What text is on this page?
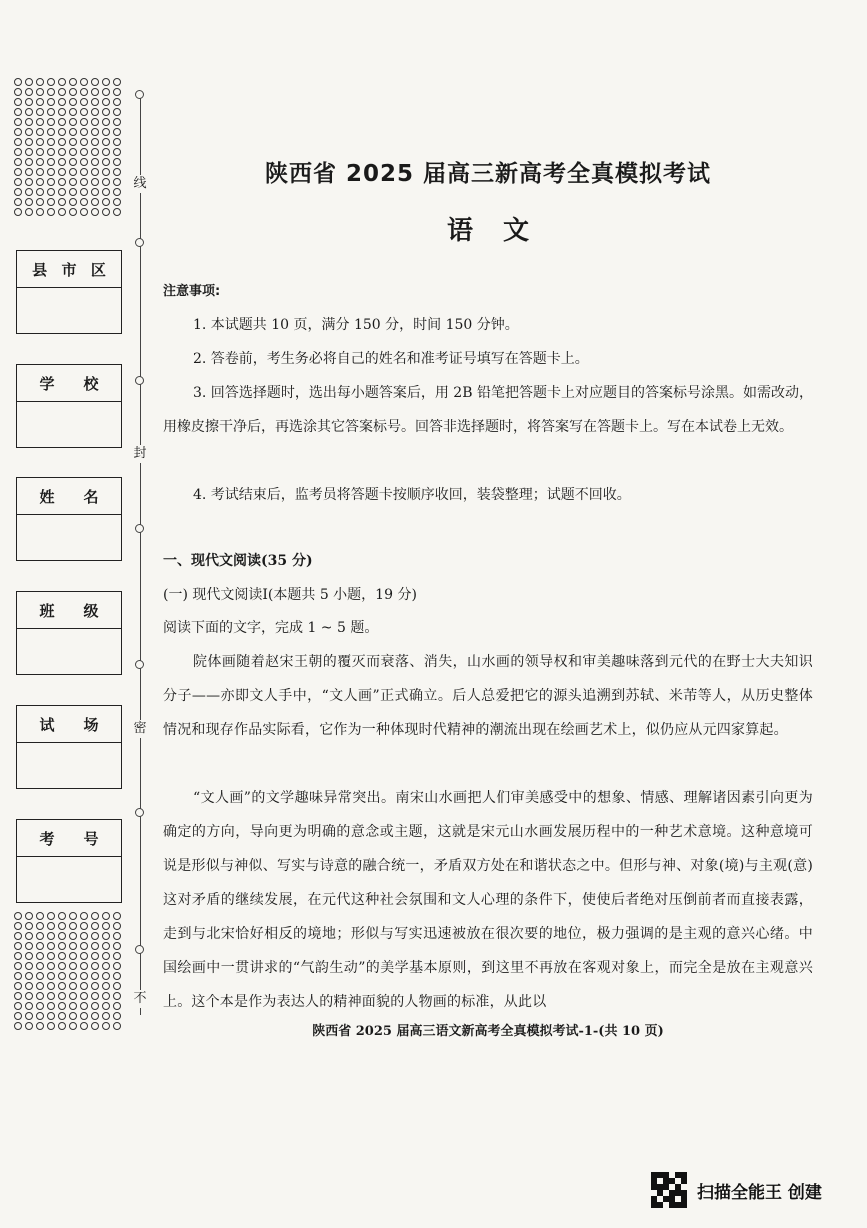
线
封
密
不
县 市 区
学 校
姓 名
班 级
试 场
考 号
陕西省 2025 届高三新高考全真模拟考试
语文
注意事项:

1. 本试题共 10 页，满分 150 分，时间 150 分钟。

2. 答卷前，考生务必将自己的姓名和准考证号填写在答题卡上。

3. 回答选择题时，选出每小题答案后，用 2B 铅笔把答题卡上对应题目的答案标号涂黑。如需改动，用橡皮擦干净后，再选涂其它答案标号。回答非选择题时，将答案写在答题卡上。写在本试卷上无效。

4. 考试结束后，监考员将答题卡按顺序收回，装袋整理；试题不回收。

一、现代文阅读(35 分)
(一) 现代文阅读Ⅰ(本题共 5 小题，19 分)
阅读下面的文字，完成 1 ~ 5 题。

院体画随着赵宋王朝的覆灭而衰落、消失，山水画的领导权和审美趣味落到元代的在野士大夫知识分子——亦即文人手中，“文人画”正式确立。后人总爱把它的源头追溯到苏轼、米芾等人，从历史整体情况和现存作品实际看，它作为一种体现时代精神的潮流出现在绘画艺术上，似仍应从元四家算起。

“文人画”的文学趣味异常突出。南宋山水画把人们审美感受中的想象、情感、理解诸因素引向更为确定的方向，导向更为明确的意念或主题，这就是宋元山水画发展历程中的一种艺术意境。这种意境可说是形似与神似、写实与诗意的融合统一，矛盾双方处在和谐状态之中。但形与神、对象(境)与主观(意)这对矛盾的继续发展，在元代这种社会氛围和文人心理的条件下，使使后者绝对压倒前者而直接表露，走到与北宋恰好相反的境地；形似与写实迅速被放在很次要的地位，极力强调的是主观的意兴心绪。中国绘画中一贯讲求的“气韵生动”的美学基本原则，到这里不再放在客观对象上，而完全是放在主观意兴上。这个本是作为表达人的精神面貌的人物画的标准，从此以

陕西省 2025 届高三语文新高考全真模拟考试-1-(共 10 页)
扫描全能王 创建
